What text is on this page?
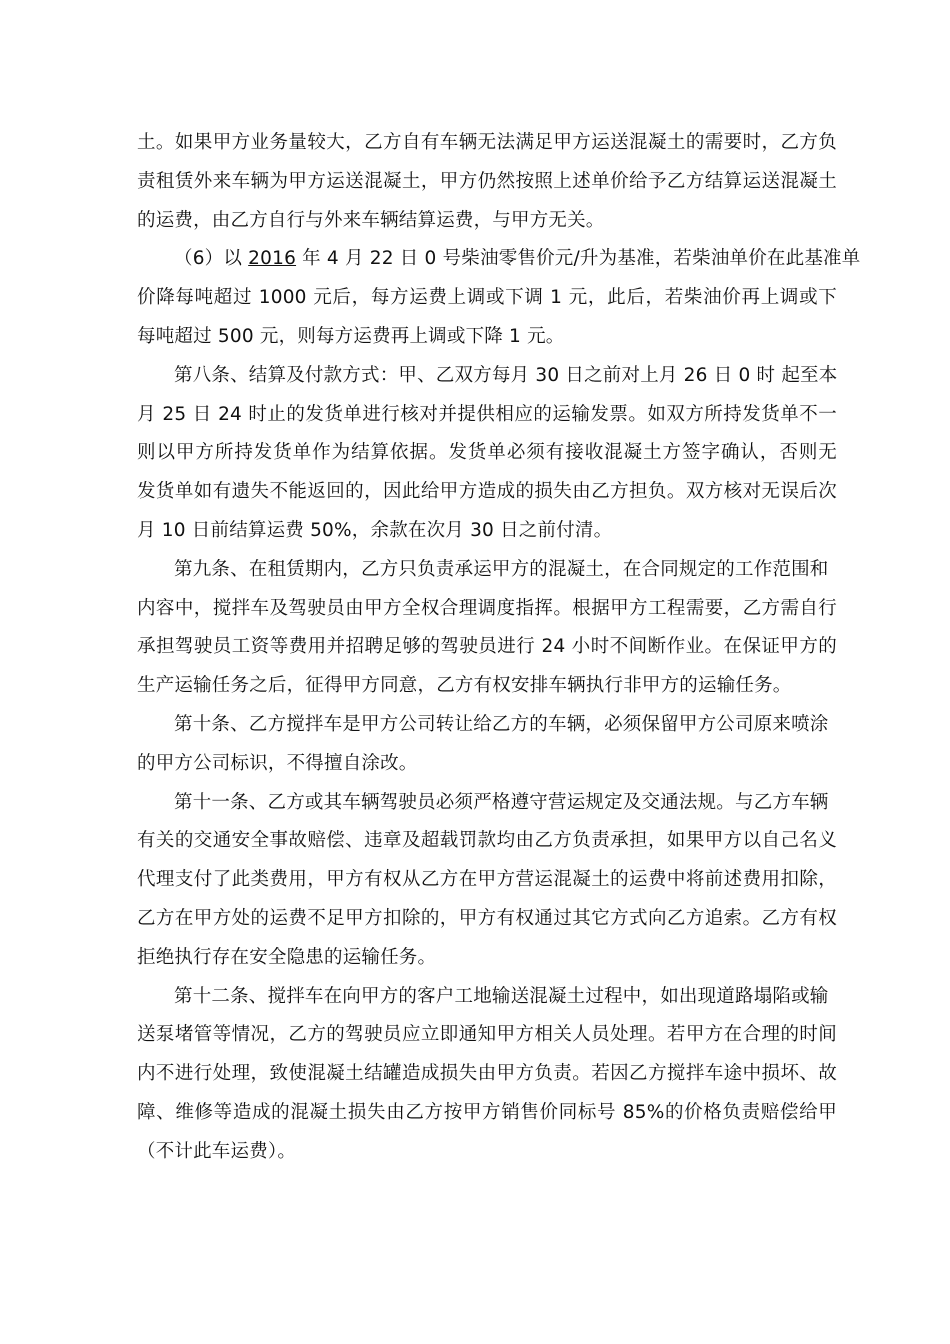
土。如果甲方业务量较大，乙方自有车辆无法满足甲方运送混凝土的需要时，乙方负
责租赁外来车辆为甲方运送混凝土，甲方仍然按照上述单价给予乙方结算运送混凝土
的运费，由乙方自行与外来车辆结算运费，与甲方无关。
（6）以 2016 年 4 月 22 日 0 号柴油零售价元/升为基准，若柴油单价在此基准单
价降每吨超过 1000 元后，每方运费上调或下调 1 元，此后，若柴油价再上调或下
每吨超过 500 元，则每方运费再上调或下降 1 元。
第八条、结算及付款方式：甲、乙双方每月 30 日之前对上月 26 日 0 时 起至本
月 25 日 24 时止的发货单进行核对并提供相应的运输发票。如双方所持发货单不一
则以甲方所持发货单作为结算依据。发货单必须有接收混凝土方签字确认，否则无
发货单如有遗失不能返回的，因此给甲方造成的损失由乙方担负。双方核对无误后次
月 10 日前结算运费 50%，余款在次月 30 日之前付清。
第九条、在租赁期内，乙方只负责承运甲方的混凝土，在合同规定的工作范围和
内容中，搅拌车及驾驶员由甲方全权合理调度指挥。根据甲方工程需要，乙方需自行
承担驾驶员工资等费用并招聘足够的驾驶员进行 24 小时不间断作业。在保证甲方的
生产运输任务之后，征得甲方同意，乙方有权安排车辆执行非甲方的运输任务。
第十条、乙方搅拌车是甲方公司转让给乙方的车辆，必须保留甲方公司原来喷涂
的甲方公司标识，不得擅自涂改。
第十一条、乙方或其车辆驾驶员必须严格遵守营运规定及交通法规。与乙方车辆
有关的交通安全事故赔偿、违章及超载罚款均由乙方负责承担，如果甲方以自己名义
代理支付了此类费用，甲方有权从乙方在甲方营运混凝土的运费中将前述费用扣除，
乙方在甲方处的运费不足甲方扣除的，甲方有权通过其它方式向乙方追索。乙方有权
拒绝执行存在安全隐患的运输任务。
第十二条、搅拌车在向甲方的客户工地输送混凝土过程中，如出现道路塌陷或输
送泵堵管等情况，乙方的驾驶员应立即通知甲方相关人员处理。若甲方在合理的时间
内不进行处理，致使混凝土结罐造成损失由甲方负责。若因乙方搅拌车途中损坏、故
障、维修等造成的混凝土损失由乙方按甲方销售价同标号 85%的价格负责赔偿给甲
（不计此车运费）。
